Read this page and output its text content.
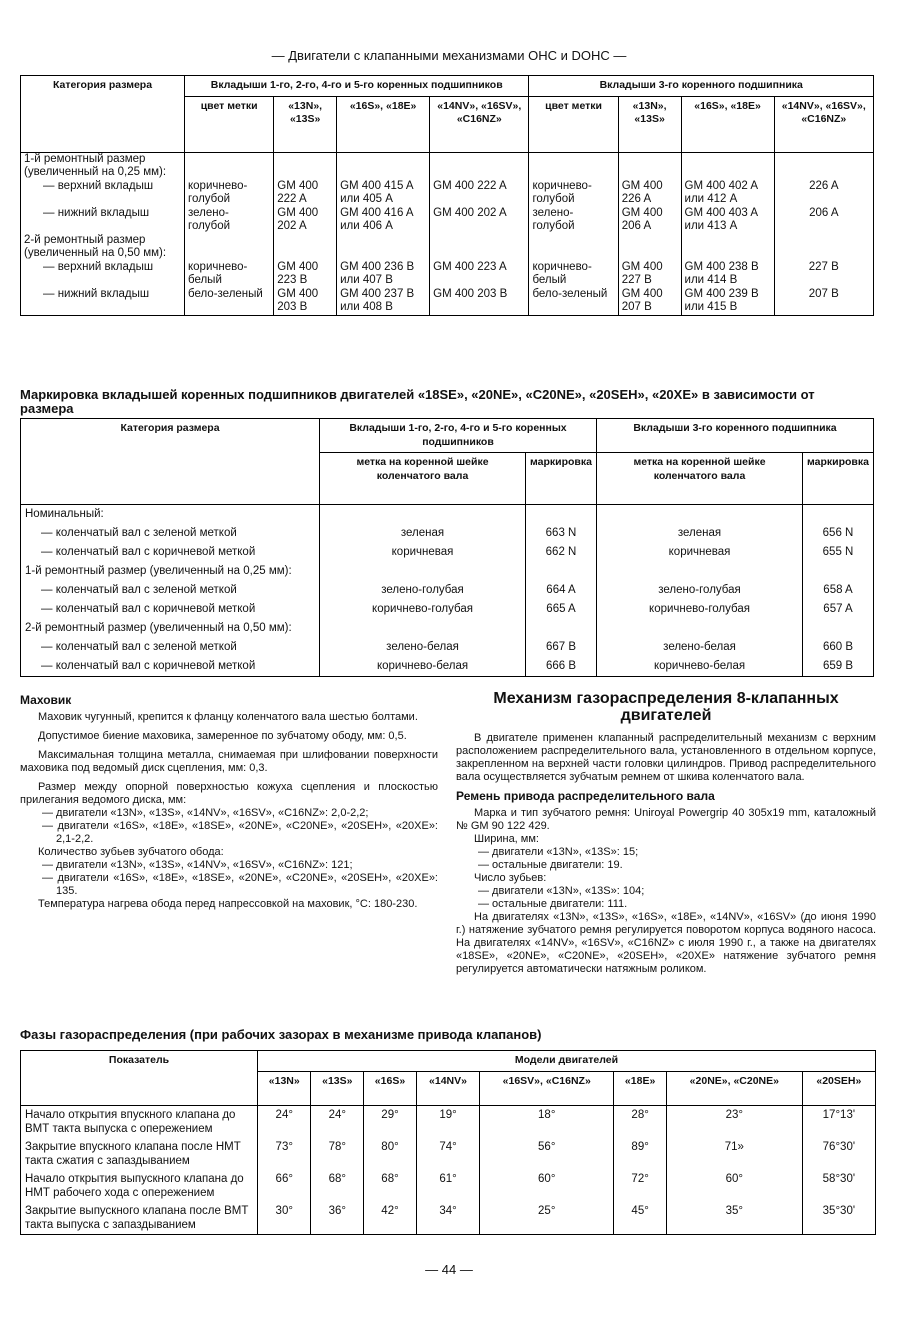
— Двигатели с клапанными механизмами ОНС и DOHC —
Категория размера	Вкладыши 1-го, 2-го, 4-го и 5-го коренных подшипников				Вкладыши 3-го коренного подшипника			
	цвет метки	«13N», «13S»	«16S», «18E»	«14NV», «16SV», «C16NZ»	цвет метки	«13N», «13S»	«16S», «18E»	«14NV», «16SV», «C16NZ»
1-й ремонтный размер (увеличенный на 0,25 мм):								
— верхний вкладыш	коричнево-голубой	GM 400 222 A	GM 400 415 A или 405 A	GM 400 222 A	коричнево-голубой	GM 400 226 A	GM 400 402 A или 412 A	226 A
— нижний вкладыш	зелено-голубой	GM 400 202 A	GM 400 416 A или 406 A	GM 400 202 A	зелено-голубой	GM 400 206 A	GM 400 403 A или 413 A	206 A
2-й ремонтный размер (увеличенный на 0,50 мм):								
— верхний вкладыш	коричнево-белый	GM 400 223 B	GM 400 236 B или 407 B	GM 400 223 A	коричнево-белый	GM 400 227 B	GM 400 238 B или 414 B	227 B
— нижний вкладыш	бело-зеленый	GM 400 203 B	GM 400 237 B или 408 B	GM 400 203 B	бело-зеленый	GM 400 207 B	GM 400 239 B или 415 B	207 B
Маркировка вкладышей коренных подшипников двигателей «18SE», «20NE», «C20NE», «20SEH», «20XE» в зависимости от размера
Категория размера	Вкладыши 1-го, 2-го, 4-го и 5-го коренных подшипников		Вкладыши 3-го коренного подшипника	
	метка на коренной шейке коленчатого вала	маркировка	метка на коренной шейке коленчатого вала	маркировка
Номинальный:				
— коленчатый вал с зеленой меткой	зеленая	663 N	зеленая	656 N
— коленчатый вал с коричневой меткой	коричневая	662 N	коричневая	655 N
1-й ремонтный размер (увеличенный на 0,25 мм):				
— коленчатый вал с зеленой меткой	зелено-голубая	664 A	зелено-голубая	658 A
— коленчатый вал с коричневой меткой	коричнево-голубая	665 A	коричнево-голубая	657 A
2-й ремонтный размер (увеличенный на 0,50 мм):				
— коленчатый вал с зеленой меткой	зелено-белая	667 B	зелено-белая	660 B
— коленчатый вал с коричневой меткой	коричнево-белая	666 B	коричнево-белая	659 B
Маховик

Маховик чугунный, крепится к фланцу коленчатого вала шестью болтами.

Допустимое биение маховика, замеренное по зубчатому ободу, мм: 0,5.

Максимальная толщина металла, снимаемая при шлифовании поверхности маховика под ведомый диск сцепления, мм: 0,3.

Размер между опорной поверхностью кожуха сцепления и плоскостью прилегания ведомого диска, мм:

— двигатели «13N», «13S», «14NV», «16SV», «C16NZ»: 2,0-2,2;

— двигатели «16S», «18E», «18SE», «20NE», «C20NE», «20SEH», «20XE»: 2,1-2,2.

Количество зубьев зубчатого обода:

— двигатели «13N», «13S», «14NV», «16SV», «C16NZ»: 121;

— двигатели «16S», «18E», «18SE», «20NE», «C20NE», «20SEH», «20XE»: 135.

Температура нагрева обода перед напрессовкой на маховик, °С: 180-230.

Механизм газораспределения 8-клапанных двигателей

В двигателе применен клапанный распределительный механизм с верхним расположением распределительного вала, установленного в отдельном корпусе, закрепленном на верхней части головки цилиндров. Привод распределительного вала осуществляется зубчатым ремнем от шкива коленчатого вала.

Ремень привода распределительного вала

Марка и тип зубчатого ремня: Uniroyal Powergrip 40 305x19 mm, каталожный № GM 90 122 429.

Ширина, мм:

— двигатели «13N», «13S»: 15;

— остальные двигатели: 19.

Число зубьев:

— двигатели «13N», «13S»: 104;

— остальные двигатели: 111.

На двигателях «13N», «13S», «16S», «18E», «14NV», «16SV» (до июня 1990 г.) натяжение зубчатого ремня регулируется поворотом корпуса водяного насоса. На двигателях «14NV», «16SV», «C16NZ» с июля 1990 г., а также на двигателях «18SE», «20NE», «C20NE», «20SEH», «20XE» натяжение зубчатого ремня регулируется автоматически натяжным роликом.

Фазы газораспределения (при рабочих зазорах в механизме привода клапанов)
Показатель	Модели двигателей							
	«13N»	«13S»	«16S»	«14NV»	«16SV», «C16NZ»	«18E»	«20NE», «C20NE»	«20SEH»
Начало открытия впускного клапана до ВМТ такта выпуска с опережением	24°	24°	29°	19°	18°	28°	23°	17°13'
Закрытие впускного клапана после НМТ такта сжатия с запаздыванием	73°	78°	80°	74°	56°	89°	71»	76°30'
Начало открытия выпускного клапана до НМТ рабочего хода с опережением	66°	68°	68°	61°	60°	72°	60°	58°30'
Закрытие выпускного клапана после ВМТ такта выпуска с запаздыванием	30°	36°	42°	34°	25°	45°	35°	35°30'
— 44 —
